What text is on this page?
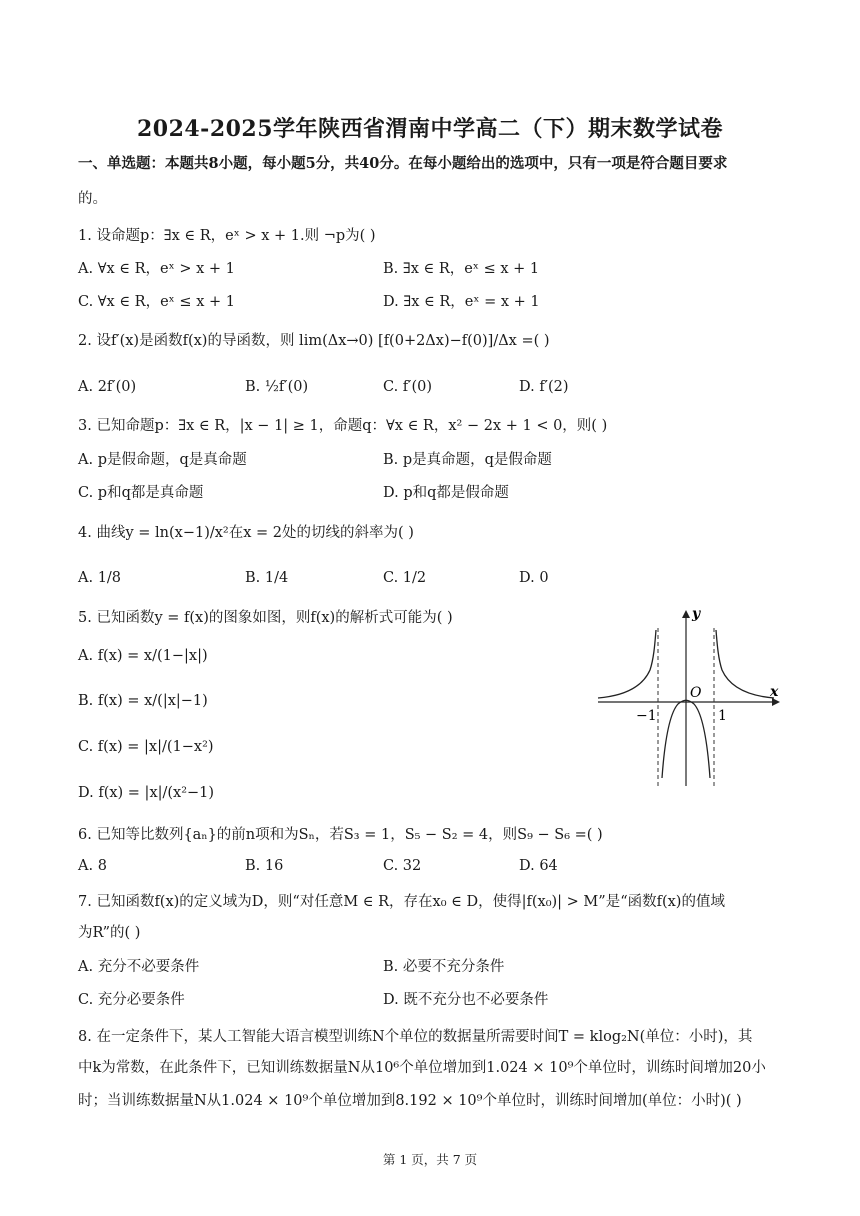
2024-2025学年陕西省渭南中学高二（下）期末数学试卷
一、单选题：本题共8小题，每小题5分，共40分。在每小题给出的选项中，只有一项是符合题目要求
的。
1. 设命题p：∃x ∈ R，eˣ > x + 1.则 ¬p为( )
A. ∀x ∈ R，eˣ > x + 1	B. ∃x ∈ R，eˣ ≤ x + 1
C. ∀x ∈ R，eˣ ≤ x + 1	D. ∃x ∈ R，eˣ = x + 1
2. 设f′(x)是函数f(x)的导函数，则 lim(Δx→0) [f(0+2Δx)−f(0)]/Δx =( )
A. 2f′(0)	B. ½f′(0)	C. f′(0)	D. f′(2)
3. 已知命题p：∃x ∈ R，|x − 1| ≥ 1，命题q：∀x ∈ R，x² − 2x + 1 < 0，则( )
A. p是假命题，q是真命题	B. p是真命题，q是假命题
C. p和q都是真命题	D. p和q都是假命题
4. 曲线y = ln(x−1)/x²在x = 2处的切线的斜率为( )
A. 1/8	B. 1/4	C. 1/2	D. 0
5. 已知函数y = f(x)的图象如图，则f(x)的解析式可能为( )
A. f(x) = x/(1−|x|)
B. f(x) = x/(|x|−1)
C. f(x) = |x|/(1−x²)
D. f(x) = |x|/(x²−1)
y
x
O
−1	1
6. 已知等比数列{aₙ}的前n项和为Sₙ，若S₃ = 1，S₅ − S₂ = 4，则S₉ − S₆ =( )
A. 8	B. 16	C. 32	D. 64
7. 已知函数f(x)的定义域为D，则“对任意M ∈ R，存在x₀ ∈ D，使得|f(x₀)| > M”是“函数f(x)的值域
为R”的( )
A. 充分不必要条件	B. 必要不充分条件
C. 充分必要条件	D. 既不充分也不必要条件
8. 在一定条件下，某人工智能大语言模型训练N个单位的数据量所需要时间T = klog₂N(单位：小时)，其
中k为常数，在此条件下，已知训练数据量N从10⁶个单位增加到1.024 × 10⁹个单位时，训练时间增加20小
时；当训练数据量N从1.024 × 10⁹个单位增加到8.192 × 10⁹个单位时，训练时间增加(单位：小时)( )
第 1 页，共 7 页
